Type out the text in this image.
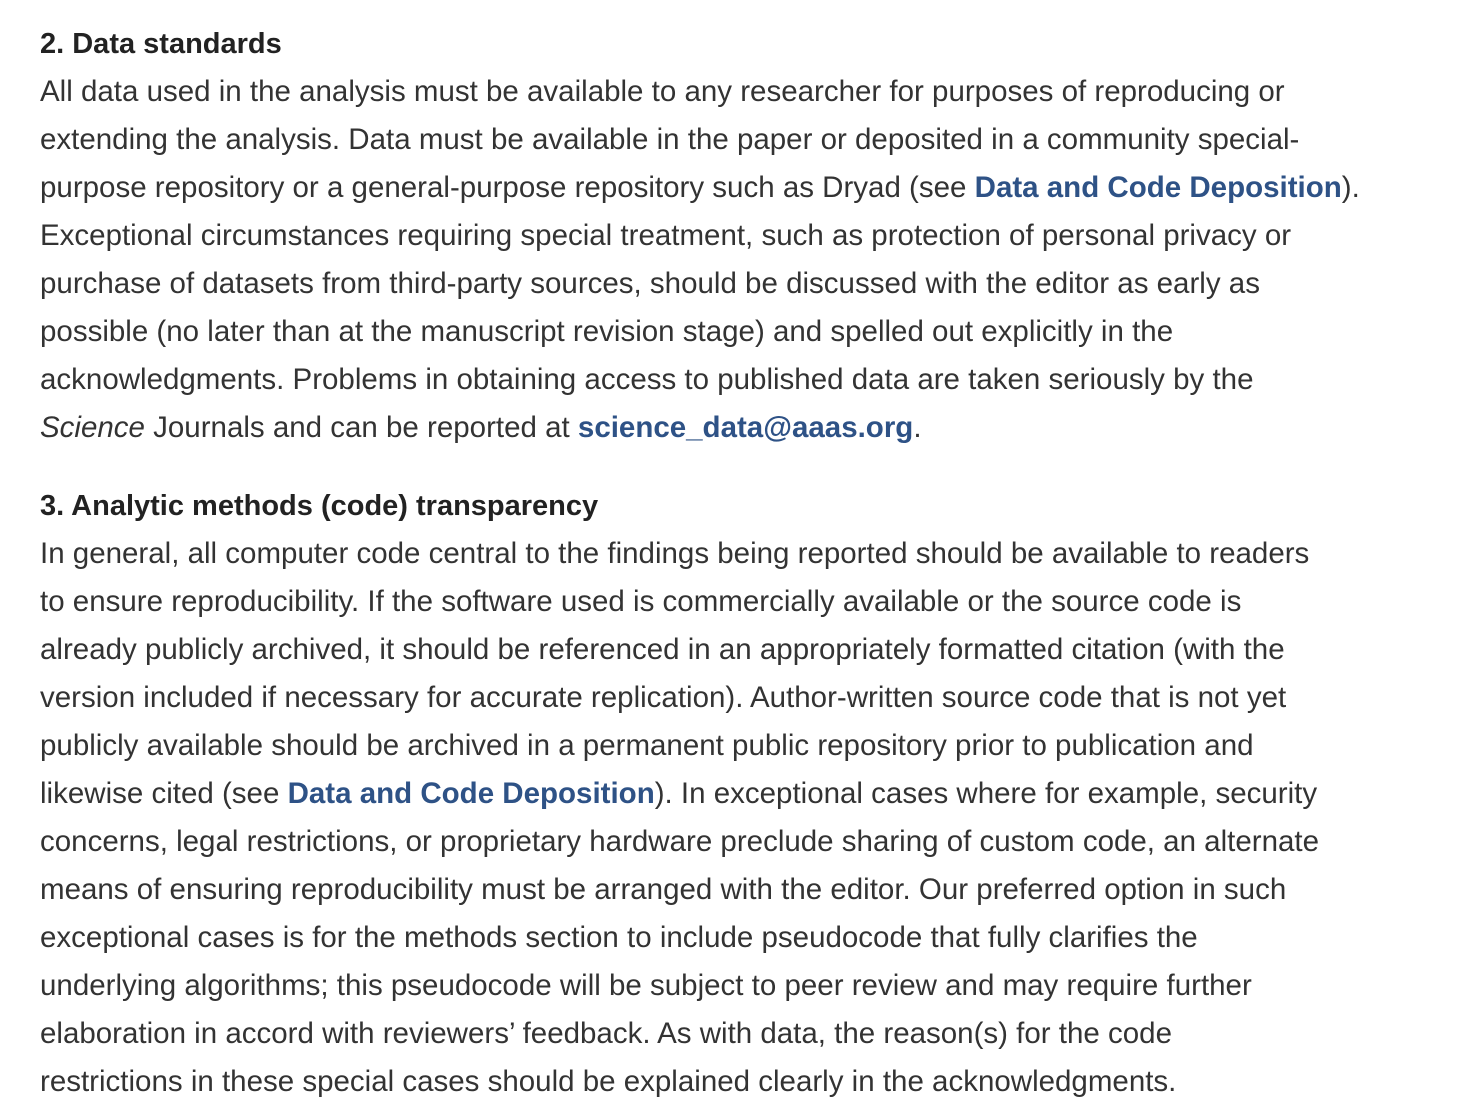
2. Data standards

All data used in the analysis must be available to any researcher for purposes of reproducing or
extending the analysis. Data must be available in the paper or deposited in a community special-
purpose repository or a general-purpose repository such as Dryad (see Data and Code Deposition).
Exceptional circumstances requiring special treatment, such as protection of personal privacy or
purchase of datasets from third-party sources, should be discussed with the editor as early as
possible (no later than at the manuscript revision stage) and spelled out explicitly in the
acknowledgments. Problems in obtaining access to published data are taken seriously by the
Science Journals and can be reported at science_data@aaas.org.

3. Analytic methods (code) transparency

In general, all computer code central to the findings being reported should be available to readers
to ensure reproducibility. If the software used is commercially available or the source code is
already publicly archived, it should be referenced in an appropriately formatted citation (with the
version included if necessary for accurate replication). Author-written source code that is not yet
publicly available should be archived in a permanent public repository prior to publication and
likewise cited (see Data and Code Deposition). In exceptional cases where for example, security
concerns, legal restrictions, or proprietary hardware preclude sharing of custom code, an alternate
means of ensuring reproducibility must be arranged with the editor. Our preferred option in such
exceptional cases is for the methods section to include pseudocode that fully clarifies the
underlying algorithms; this pseudocode will be subject to peer review and may require further
elaboration in accord with reviewers’ feedback. As with data, the reason(s) for the code
restrictions in these special cases should be explained clearly in the acknowledgments.
